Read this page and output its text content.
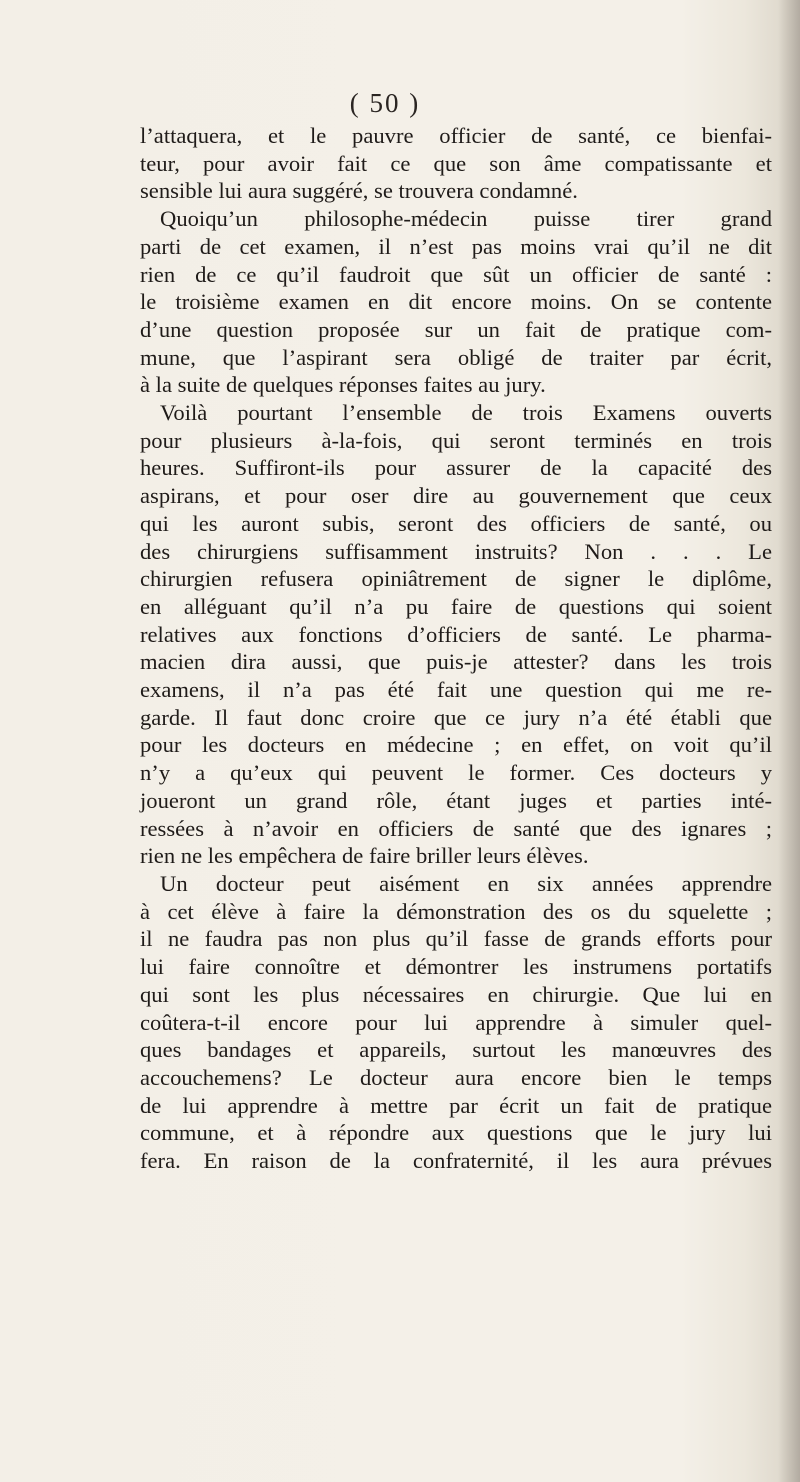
( 50 )
l’attaquera, et le pauvre officier de santé, ce bienfai-
teur, pour avoir fait ce que son âme compatissante et
sensible lui aura suggéré, se trouvera condamné.
Quoiqu’un philosophe-médecin puisse tirer grand
parti de cet examen, il n’est pas moins vrai qu’il ne dit
rien de ce qu’il faudroit que sût un officier de santé :
le troisième examen en dit encore moins. On se contente
d’une question proposée sur un fait de pratique com-
mune, que l’aspirant sera obligé de traiter par écrit,
à la suite de quelques réponses faites au jury.
Voilà pourtant l’ensemble de trois Examens ouverts
pour plusieurs à-la-fois, qui seront terminés en trois
heures. Suffiront-ils pour assurer de la capacité des
aspirans, et pour oser dire au gouvernement que ceux
qui les auront subis, seront des officiers de santé, ou
des chirurgiens suffisamment instruits? Non . . . Le
chirurgien refusera opiniâtrement de signer le diplôme,
en alléguant qu’il n’a pu faire de questions qui soient
relatives aux fonctions d’officiers de santé. Le pharma-
macien dira aussi, que puis-je attester? dans les trois
examens, il n’a pas été fait une question qui me re-
garde. Il faut donc croire que ce jury n’a été établi que
pour les docteurs en médecine ; en effet, on voit qu’il
n’y a qu’eux qui peuvent le former. Ces docteurs y
joueront un grand rôle, étant juges et parties inté-
ressées à n’avoir en officiers de santé que des ignares ;
rien ne les empêchera de faire briller leurs élèves.
Un docteur peut aisément en six années apprendre
à cet élève à faire la démonstration des os du squelette ;
il ne faudra pas non plus qu’il fasse de grands efforts pour
lui faire connoître et démontrer les instrumens portatifs
qui sont les plus nécessaires en chirurgie. Que lui en
coûtera-t-il encore pour lui apprendre à simuler quel-
ques bandages et appareils, surtout les manœuvres des
accouchemens? Le docteur aura encore bien le temps
de lui apprendre à mettre par écrit un fait de pratique
commune, et à répondre aux questions que le jury lui
fera. En raison de la confraternité, il les aura prévues
